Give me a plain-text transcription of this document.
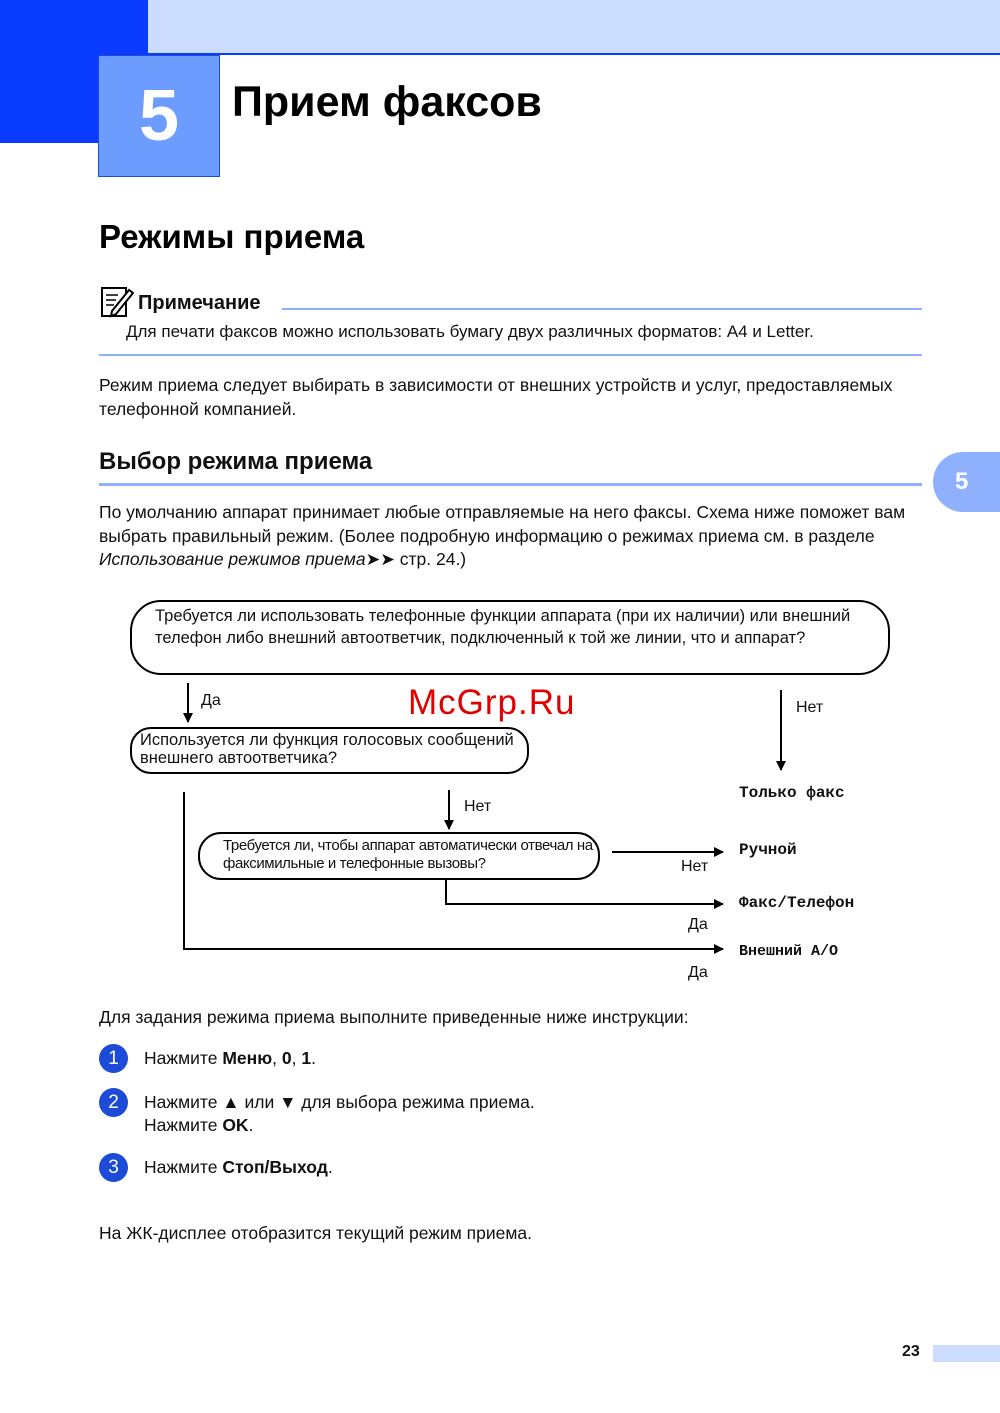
5 Прием факсов
Режимы приема
Примечание
Для печати факсов можно использовать бумагу двух различных форматов: A4 и Letter.
Режим приема следует выбирать в зависимости от внешних устройств и услуг, предоставляемых телефонной компанией.
Выбор режима приема
5
По умолчанию аппарат принимает любые отправляемые на него факсы. Схема ниже поможет вам выбрать правильный режим. (Более подробную информацию о режимах приема см. в разделе Использование режимов приема➤➤ стр. 24.)
Требуется ли использовать телефонные функции аппарата (при их наличии) или внешний телефон либо внешний автоответчик, подключенный к той же линии, что и аппарат?
Используется ли функция голосовых сообщений внешнего автоответчика?
Требуется ли, чтобы аппарат автоматически отвечал на факсимильные и телефонные вызовы?
Да	Нет
Нет
Нет
Да
Да
Только факс
Ручной
Факс/Телефон
Внешний А/О
McGrp.Ru
Для задания режима приема выполните приведенные ниже инструкции:
1	Нажмите Меню, 0, 1.
2	Нажмите ▲ или ▼ для выбора режима приема.
Нажмите OK.
3	Нажмите Стоп/Выход.
На ЖК-дисплее отобразится текущий режим приема.
23
